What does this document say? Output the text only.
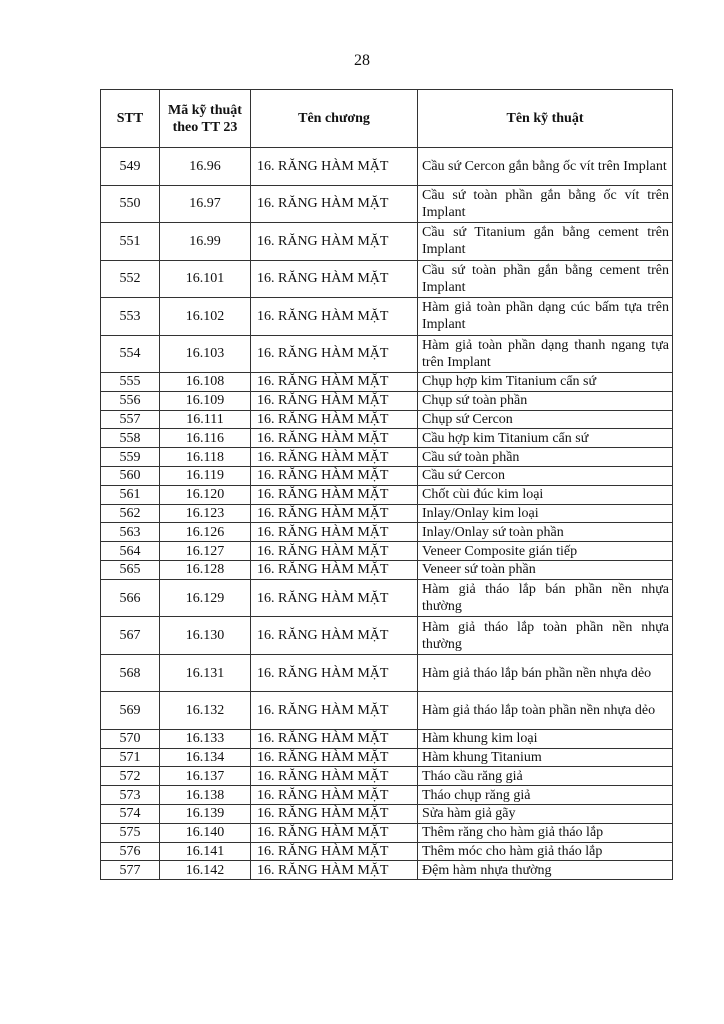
28
STT	Mã kỹ thuật theo TT 23	Tên chương	Tên kỹ thuật
549	16.96	16. RĂNG HÀM MẶT	Cầu sứ Cercon gắn bằng ốc vít trên Implant
550	16.97	16. RĂNG HÀM MẶT	Cầu sứ toàn phần gắn bằng ốc vít trên Implant
551	16.99	16. RĂNG HÀM MẶT	Cầu sứ Titanium gắn bằng cement trên Implant
552	16.101	16. RĂNG HÀM MẶT	Cầu sứ toàn phần gắn bằng cement trên Implant
553	16.102	16. RĂNG HÀM MẶT	Hàm giả toàn phần dạng cúc bấm tựa trên Implant
554	16.103	16. RĂNG HÀM MẶT	Hàm giả toàn phần dạng thanh ngang tựa trên Implant
555	16.108	16. RĂNG HÀM MẶT	Chụp hợp kim Titanium cẩn sứ
556	16.109	16. RĂNG HÀM MẶT	Chụp sứ toàn phần
557	16.111	16. RĂNG HÀM MẶT	Chụp sứ Cercon
558	16.116	16. RĂNG HÀM MẶT	Cầu hợp kim Titanium cẩn sứ
559	16.118	16. RĂNG HÀM MẶT	Cầu sứ toàn phần
560	16.119	16. RĂNG HÀM MẶT	Cầu sứ Cercon
561	16.120	16. RĂNG HÀM MẶT	Chốt cùi đúc kim loại
562	16.123	16. RĂNG HÀM MẶT	Inlay/Onlay kim loại
563	16.126	16. RĂNG HÀM MẶT	Inlay/Onlay sứ toàn phần
564	16.127	16. RĂNG HÀM MẶT	Veneer Composite gián tiếp
565	16.128	16. RĂNG HÀM MẶT	Veneer sứ toàn phần
566	16.129	16. RĂNG HÀM MẶT	Hàm giả tháo lắp bán phần nền nhựa thường
567	16.130	16. RĂNG HÀM MẶT	Hàm giả tháo lắp toàn phần nền nhựa thường
568	16.131	16. RĂNG HÀM MẶT	Hàm giả tháo lắp bán phần nền nhựa dẻo
569	16.132	16. RĂNG HÀM MẶT	Hàm giả tháo lắp toàn phần nền nhựa dẻo
570	16.133	16. RĂNG HÀM MẶT	Hàm khung kim loại
571	16.134	16. RĂNG HÀM MẶT	Hàm khung Titanium
572	16.137	16. RĂNG HÀM MẶT	Tháo cầu răng giả
573	16.138	16. RĂNG HÀM MẶT	Tháo chụp răng giả
574	16.139	16. RĂNG HÀM MẶT	Sửa hàm giả gãy
575	16.140	16. RĂNG HÀM MẶT	Thêm răng cho hàm giả tháo lắp
576	16.141	16. RĂNG HÀM MẶT	Thêm móc cho hàm giả tháo lắp
577	16.142	16. RĂNG HÀM MẶT	Đệm hàm nhựa thường
